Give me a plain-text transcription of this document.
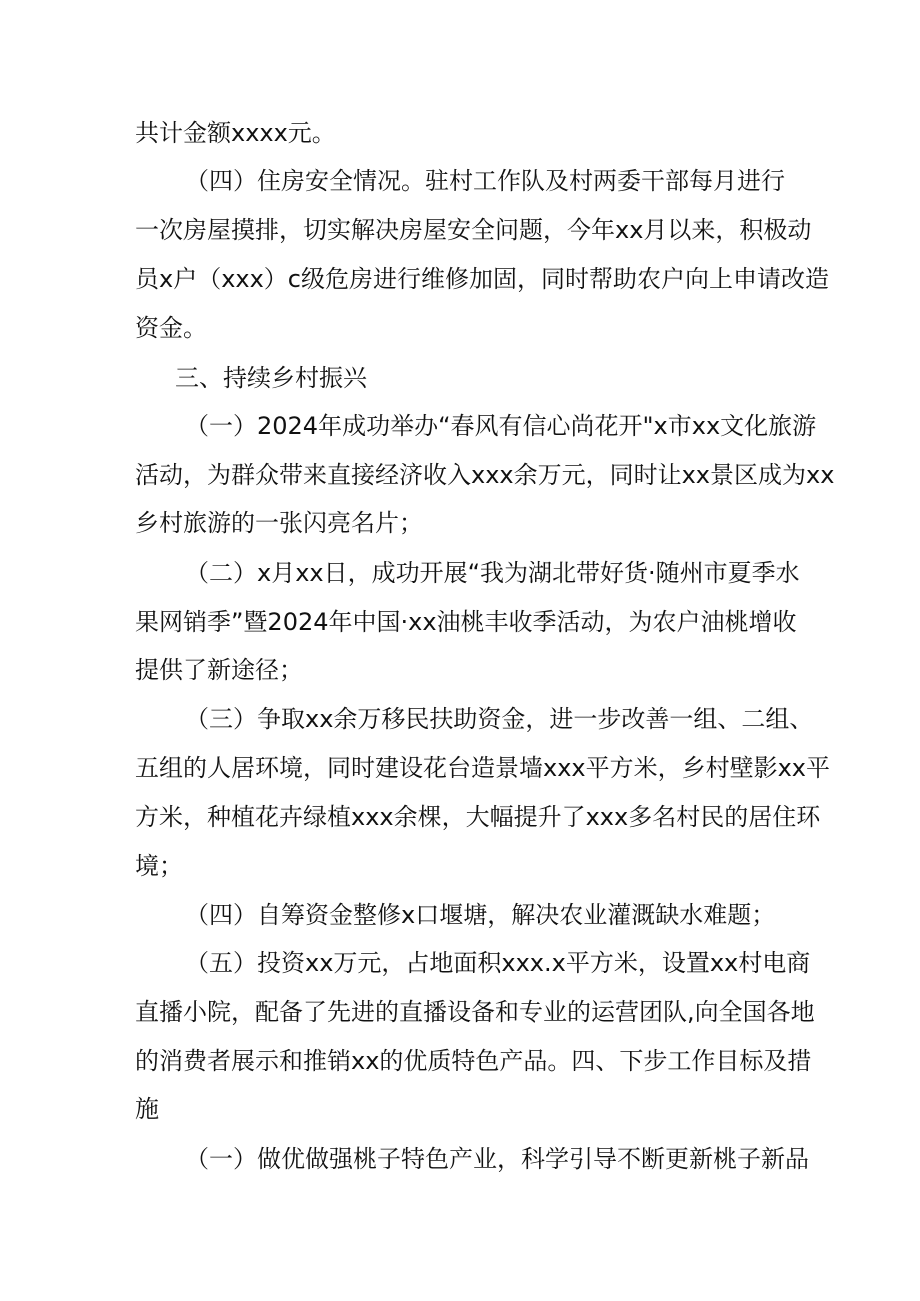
共计金额xxxx元。
（四）住房安全情况。驻村工作队及村两委干部每月进行
一次房屋摸排，切实解决房屋安全问题，今年xx月以来，积极动
员x户（xxx）c级危房进行维修加固，同时帮助农户向上申请改造
资金。
三、持续乡村振兴
（一）2024年成功举办“春风有信心尚花开"x市xx文化旅游
活动，为群众带来直接经济收入xxx余万元，同时让xx景区成为xx
乡村旅游的一张闪亮名片；
（二）x月xx日，成功开展“我为湖北带好货·随州市夏季水
果网销季”暨2024年中国·xx油桃丰收季活动，为农户油桃增收
提供了新途径；
（三）争取xx余万移民扶助资金，进一步改善一组、二组、
五组的人居环境，同时建设花台造景墙xxx平方米，乡村壁影xx平
方米，种植花卉绿植xxx余棵，大幅提升了xxx多名村民的居住环
境；
（四）自筹资金整修x口堰塘，解决农业灌溉缺水难题；
（五）投资xx万元，占地面积xxx.x平方米，设置xx村电商
直播小院，配备了先进的直播设备和专业的运营团队,向全国各地
的消费者展示和推销xx的优质特色产品。四、下步工作目标及措
施
（一）做优做强桃子特色产业，科学引导不断更新桃子新品
